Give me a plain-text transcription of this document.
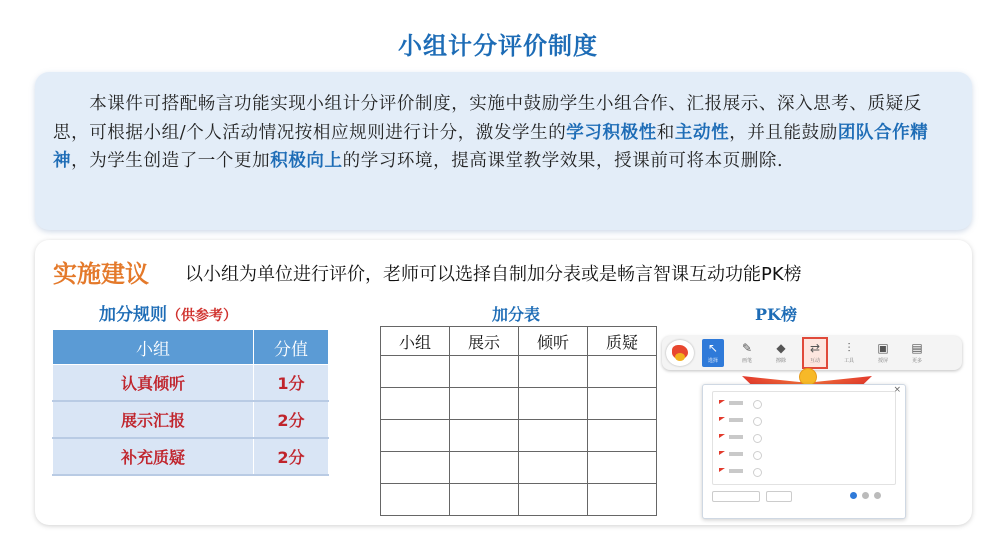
小组计分评价制度
  本课件可搭配畅言功能实现小组计分评价制度，实施中鼓励学生小组合作、汇报展示、深入思考、质疑反思，可根据小组/个人活动情况按相应规则进行计分，激发学生的学习积极性和主动性，并且能鼓励团队合作精神，为学生创造了一个更加积极向上的学习环境，提高课堂教学效果，授课前可将本页删除.
实施建议 以小组为单位进行评价，老师可以选择自制加分表或是畅言智课互动功能PK榜
加分规则（供参考）
小组	分值
认真倾听	1分
展示汇报	2分
补充质疑	2分
加分表
小组	展示	倾听	质疑

PK榜
↖
选择
✎
画笔
◆
擦除
⇄
互动
⫶
工具
▣
授屏
▤
更多
×
